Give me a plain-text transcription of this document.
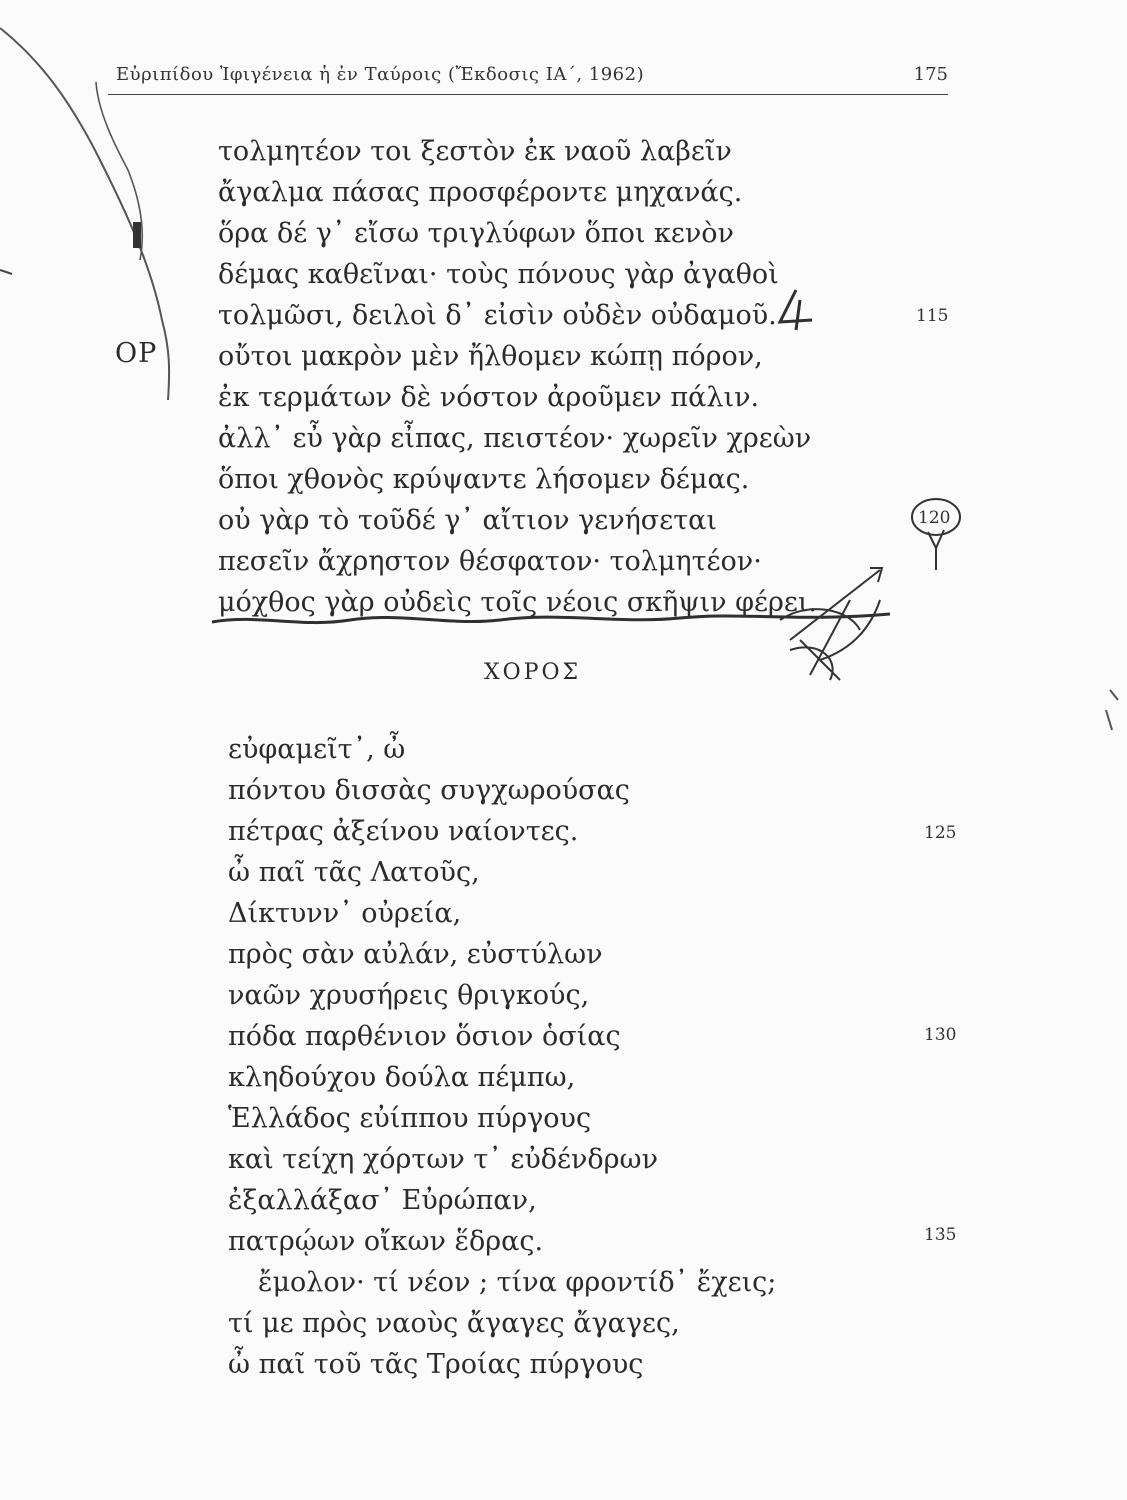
Εὐριπίδου Ἰφιγένεια ἡ ἐν Ταύροις (Ἔκδοσις ΙΑ΄, 1962)	175
ΟΡ
τολμητέον τοι ξεστὸν ἐκ ναοῦ λαβεῖν
ἄγαλμα πάσας προσφέροντε μηχανάς.
ὅρα δέ γ᾽ εἴσω τριγλύφων ὅποι κενὸν
δέμας καθεῖναι· τοὺς πόνους γὰρ ἀγαθοὶ
τολμῶσι, δειλοὶ δ᾽ εἰσὶν οὐδὲν οὐδαμοῦ.
οὔτοι μακρὸν μὲν ἤλθομεν κώπῃ πόρον,
ἐκ τερμάτων δὲ νόστον ἀροῦμεν πάλιν.
ἀλλ᾽ εὖ γὰρ εἶπας, πειστέον· χωρεῖν χρεὼν
ὅποι χθονὸς κρύψαντε λήσομεν δέμας.
οὐ γὰρ τὸ τοῦδέ γ᾽ αἴτιον γενήσεται
πεσεῖν ἄχρηστον θέσφατον· τολμητέον·
μόχθος γὰρ οὐδεὶς τοῖς νέοις σκῆψιν φέρει.
ΧΟΡΟΣ
εὐφαμεῖτ᾽, ὦ
πόντου δισσὰς συγχωρούσας
πέτρας ἀξείνου ναίοντες.
ὦ παῖ τᾶς Λατοῦς,
Δίκτυνν᾽ οὐρεία,
πρὸς σὰν αὐλάν, εὐστύλων
ναῶν χρυσήρεις θριγκούς,
πόδα παρθένιον ὅσιον ὁσίας
κληδούχου δούλα πέμπω,
Ἑλλάδος εὐίππου πύργους
καὶ τείχη χόρτων τ᾽ εὐδένδρων
ἐξαλλάξασ᾽ Εὐρώπαν,
πατρῴων οἴκων ἕδρας.
ἔμολον· τί νέον ; τίνα φροντίδ᾽ ἔχεις;
τί με πρὸς ναοὺς ἄγαγες ἄγαγες,
ὦ παῖ τοῦ τᾶς Τροίας πύργους
115
120
125
130
135
